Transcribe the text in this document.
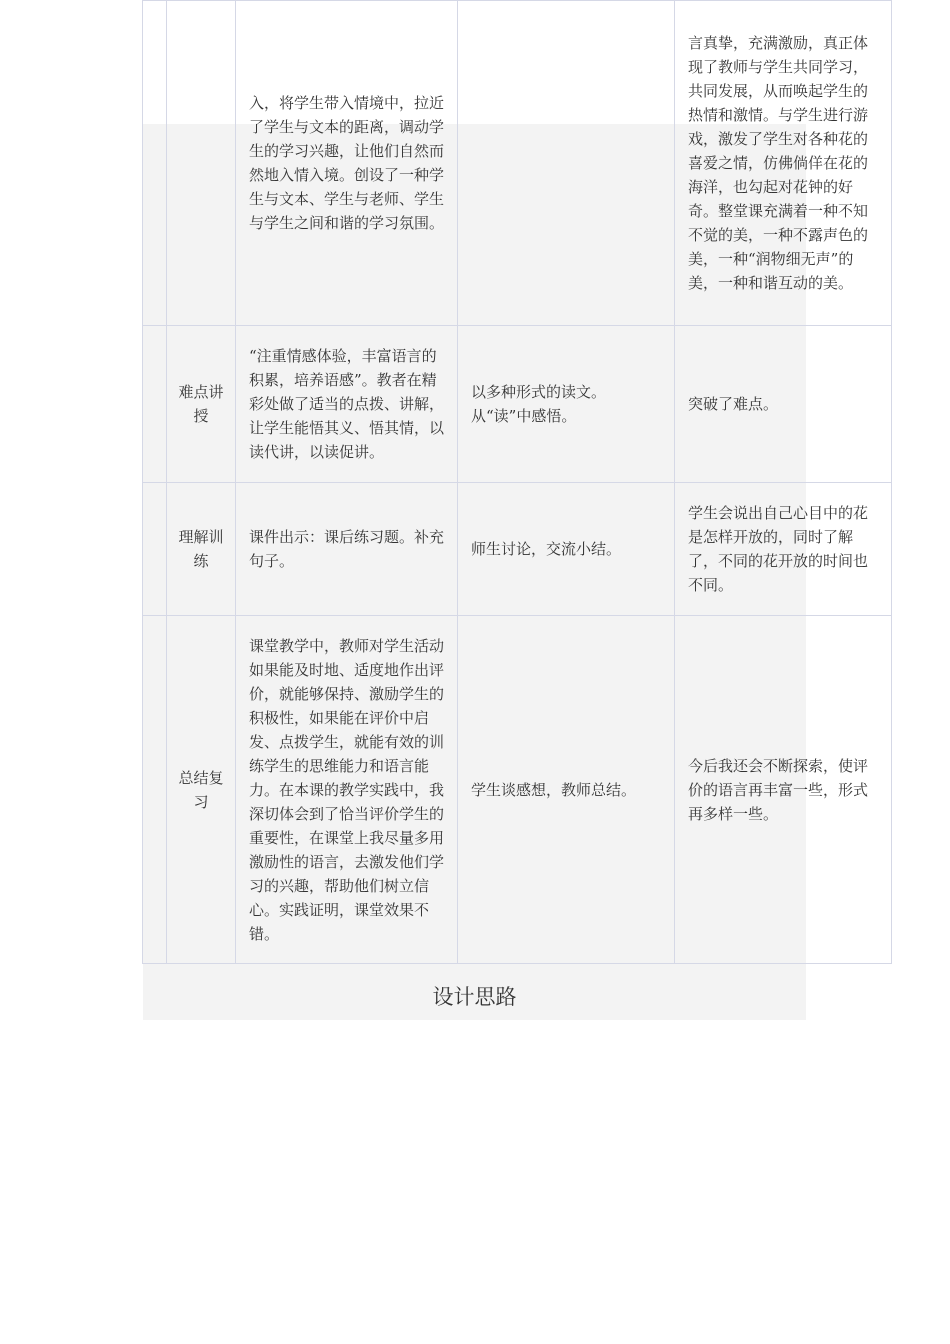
		入，将学生带入情境中，拉近了学生与文本的距离，调动学生的学习兴趣，让他们自然而然地入情入境。创设了一种学生与文本、学生与老师、学生与学生之间和谐的学习氛围。		言真挚，充满激励，真正体现了教师与学生共同学习，共同发展，从而唤起学生的热情和激情。与学生进行游戏，激发了学生对各种花的喜爱之情，仿佛倘佯在花的海洋，也勾起对花钟的好奇。整堂课充满着一种不知不觉的美，一种不露声色的美，一种“润物细无声”的美，一种和谐互动的美。
	难点讲授	“注重情感体验，丰富语言的积累，培养语感”。教者在精彩处做了适当的点拨、讲解，让学生能悟其义、悟其情，以读代讲，以读促讲。	以多种形式的读文。从“读”中感悟。	突破了难点。
	理解训练	课件出示：课后练习题。补充句子。	师生讨论，交流小结。	学生会说出自己心目中的花是怎样开放的，同时了解了，不同的花开放的时间也不同。
	总结复习	课堂教学中，教师对学生活动如果能及时地、适度地作出评价，就能够保持、激励学生的积极性，如果能在评价中启发、点拨学生，就能有效的训练学生的思维能力和语言能力。在本课的教学实践中，我深切体会到了恰当评价学生的重要性，在课堂上我尽量多用激励性的语言，去激发他们学习的兴趣，帮助他们树立信心。实践证明，课堂效果不错。	学生谈感想，教师总结。	今后我还会不断探索，使评价的语言再丰富一些，形式再多样一些。
设计思路
